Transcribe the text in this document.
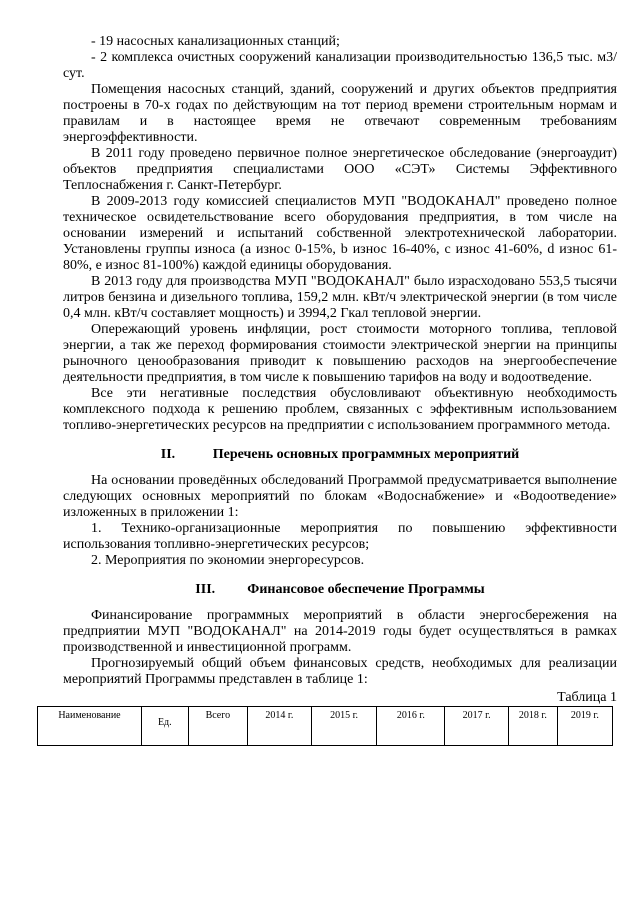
- 19 насосных канализационных станций;

- 2 комплекса очистных сооружений канализации производительностью 136,5 тыс. м3/сут.

Помещения насосных станций, зданий, сооружений и других объектов предприятия построены в 70-х годах по действующим на тот период времени строительным нормам и правилам и в настоящее время не отвечают современным требованиям энергоэффективности.

В 2011 году проведено первичное полное энергетическое обследование (энергоаудит) объектов предприятия специалистами ООО «СЭТ» Системы Эффективного Теплоснабжения г. Санкт-Петербург.

В 2009-2013 году комиссией специалистов МУП "ВОДОКАНАЛ" проведено полное техническое освидетельствование всего оборудования предприятия, в том числе на основании измерений и испытаний собственной электротехнической лаборатории. Установлены группы износа (а износ 0-15%, b износ 16-40%, c износ 41-60%, d износ 61-80%, e износ 81-100%) каждой единицы оборудования.

В 2013 году для производства МУП "ВОДОКАНАЛ" было израсходовано 553,5 тысячи литров бензина и дизельного топлива, 159,2 млн. кВт/ч электрической энергии (в том числе 0,4 млн. кВт/ч составляет мощность) и 3994,2 Гкал тепловой энергии.

Опережающий уровень инфляции, рост стоимости моторного топлива, тепловой энергии, а так же переход формирования стоимости электрической энергии на принципы рыночного ценообразования приводит к повышению расходов на энергообеспечение деятельности предприятия, в том числе к повышению тарифов на воду и водоотведение.

Все эти негативные последствия обусловливают объективную необходимость комплексного подхода к решению проблем, связанных с эффективным использованием топливо-энергетических ресурсов на предприятии с использованием программного метода.

II.	Перечень основных программных мероприятий

На основании проведённых обследований Программой предусматривается выполнение следующих основных мероприятий по блокам «Водоснабжение» и «Водоотведение» изложенных в приложении 1:

1. Технико-организационные мероприятия по повышению эффективности использования топливно-энергетических ресурсов;

2. Мероприятия по экономии энергоресурсов.

III.	Финансовое обеспечение Программы

Финансирование программных мероприятий в области энергосбережения на предприятии МУП "ВОДОКАНАЛ" на 2014-2019 годы будет осуществляться в рамках производственной и инвестиционной программ.

Прогнозируемый общий объем финансовых средств, необходимых для реализации мероприятий Программы представлен в таблице 1:

Таблица 1
Наименование	Ед.	Всего	2014 г.	2015 г.	2016 г.	2017 г.	2018 г.	2019 г.
